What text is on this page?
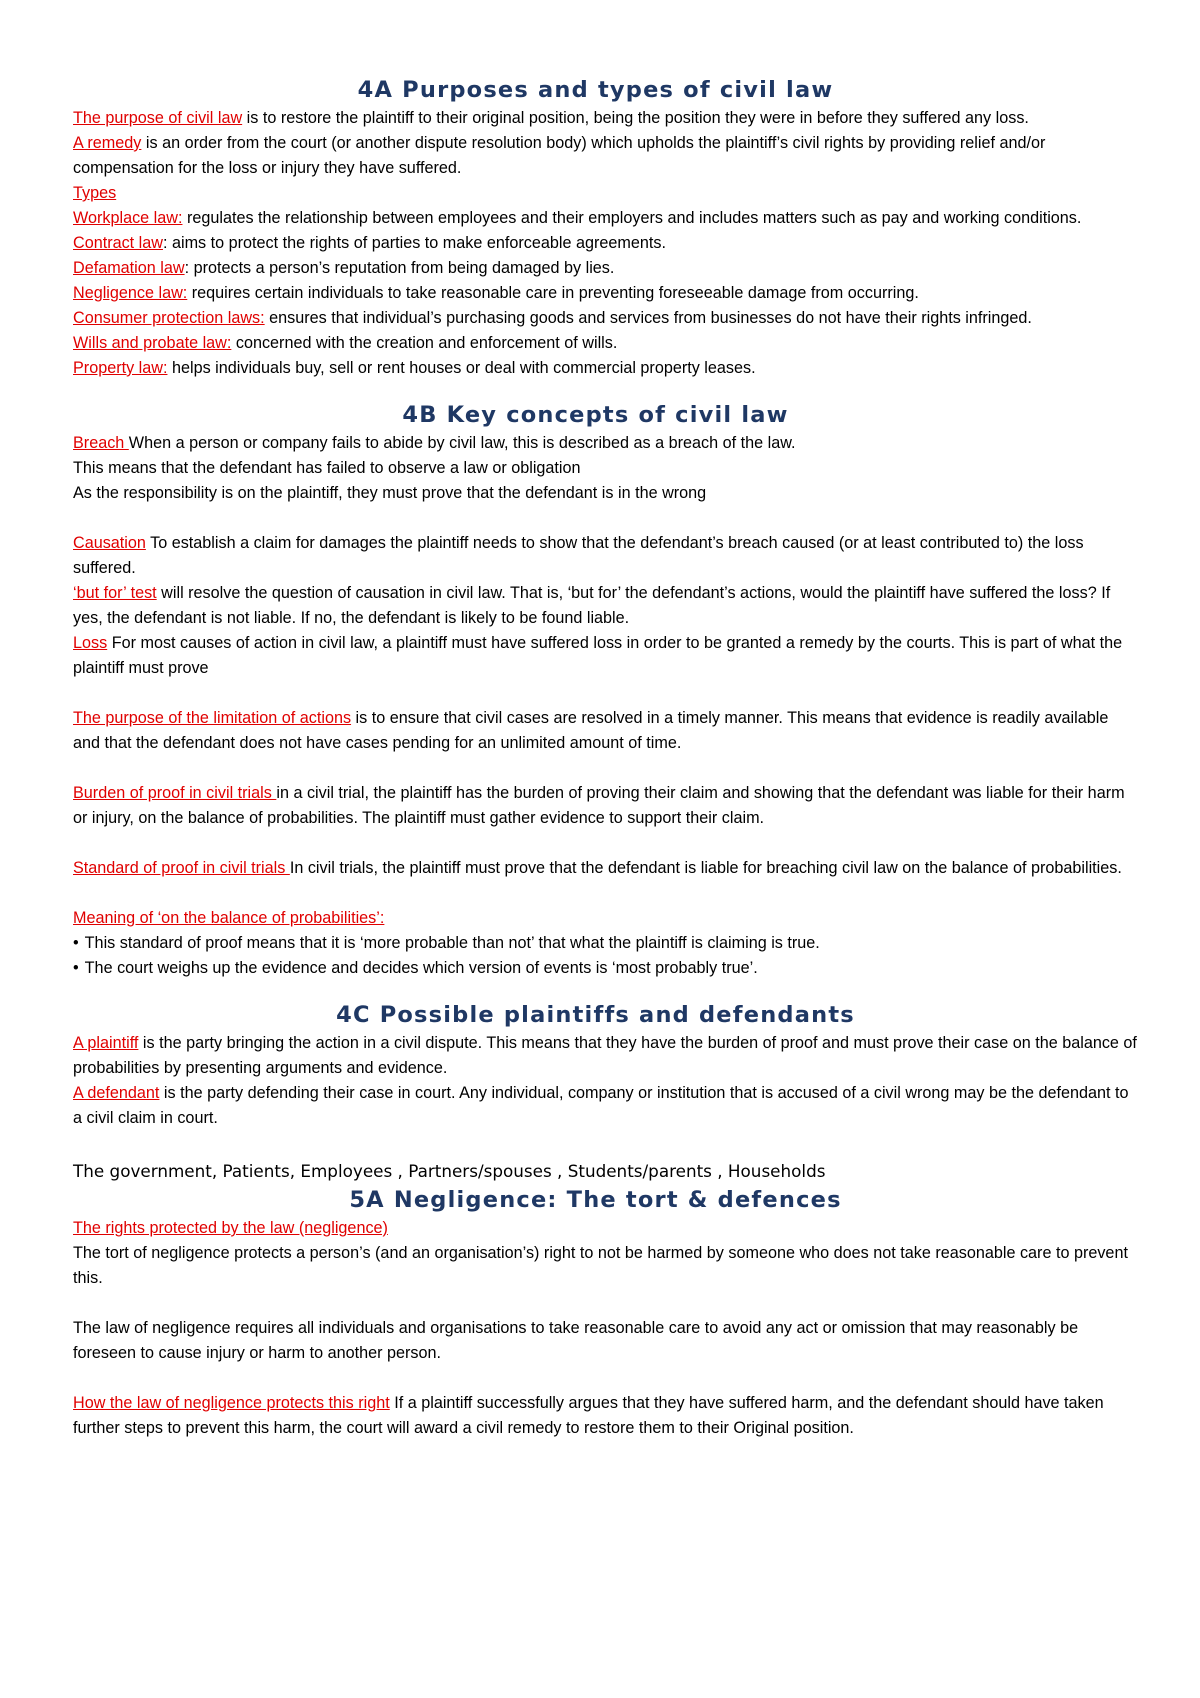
4A Purposes and types of civil law

The purpose of civil law is to restore the plaintiff to their original position, being the position they were in before they suffered any loss.

A remedy is an order from the court (or another dispute resolution body) which upholds the plaintiff’s civil rights by providing relief and/or compensation for the loss or injury they have suffered.

Types

Workplace law: regulates the relationship between employees and their employers and includes matters such as pay and working conditions.

Contract law: aims to protect the rights of parties to make enforceable agreements.

Defamation law: protects a person’s reputation from being damaged by lies.

Negligence law: requires certain individuals to take reasonable care in preventing foreseeable damage from occurring.

Consumer protection laws: ensures that individual’s purchasing goods and services from businesses do not have their rights infringed.

Wills and probate law: concerned with the creation and enforcement of wills.

Property law: helps individuals buy, sell or rent houses or deal with commercial property leases.

4B Key concepts of civil law

Breach When a person or company fails to abide by civil law, this is described as a breach of the law.

This means that the defendant has failed to observe a law or obligation

As the responsibility is on the plaintiff, they must prove that the defendant is in the wrong

Causation To establish a claim for damages the plaintiff needs to show that the defendant’s breach caused (or at least contributed to) the loss suffered.

‘but for’ test will resolve the question of causation in civil law. That is, ‘but for’ the defendant’s actions, would the plaintiff have suffered the loss? If yes, the defendant is not liable. If no, the defendant is likely to be found liable.

Loss For most causes of action in civil law, a plaintiff must have suffered loss in order to be granted a remedy by the courts. This is part of what the plaintiff must prove

The purpose of the limitation of actions is to ensure that civil cases are resolved in a timely manner. This means that evidence is readily available and that the defendant does not have cases pending for an unlimited amount of time.

Burden of proof in civil trials in a civil trial, the plaintiff has the burden of proving their claim and showing that the defendant was liable for their harm or injury, on the balance of probabilities. The plaintiff must gather evidence to support their claim.

Standard of proof in civil trials In civil trials, the plaintiff must prove that the defendant is liable for breaching civil law on the balance of probabilities.

Meaning of ‘on the balance of probabilities’:

• This standard of proof means that it is ‘more probable than not’ that what the plaintiff is claiming is true.
• The court weighs up the evidence and decides which version of events is ‘most probably true’.
4C Possible plaintiffs and defendants

A plaintiff is the party bringing the action in a civil dispute. This means that they have the burden of proof and must prove their case on the balance of probabilities by presenting arguments and evidence.

A defendant is the party defending their case in court. Any individual, company or institution that is accused of a civil wrong may be the defendant to a civil claim in court.

The government, Patients, Employees , Partners/spouses , Students/parents , Households

5A Negligence: The tort & defences

The rights protected by the law (negligence)

The tort of negligence protects a person’s (and an organisation’s) right to not be harmed by someone who does not take reasonable care to prevent this.

The law of negligence requires all individuals and organisations to take reasonable care to avoid any act or omission that may reasonably be foreseen to cause injury or harm to another person.

How the law of negligence protects this right If a plaintiff successfully argues that they have suffered harm, and the defendant should have taken further steps to prevent this harm, the court will award a civil remedy to restore them to their Original position.
